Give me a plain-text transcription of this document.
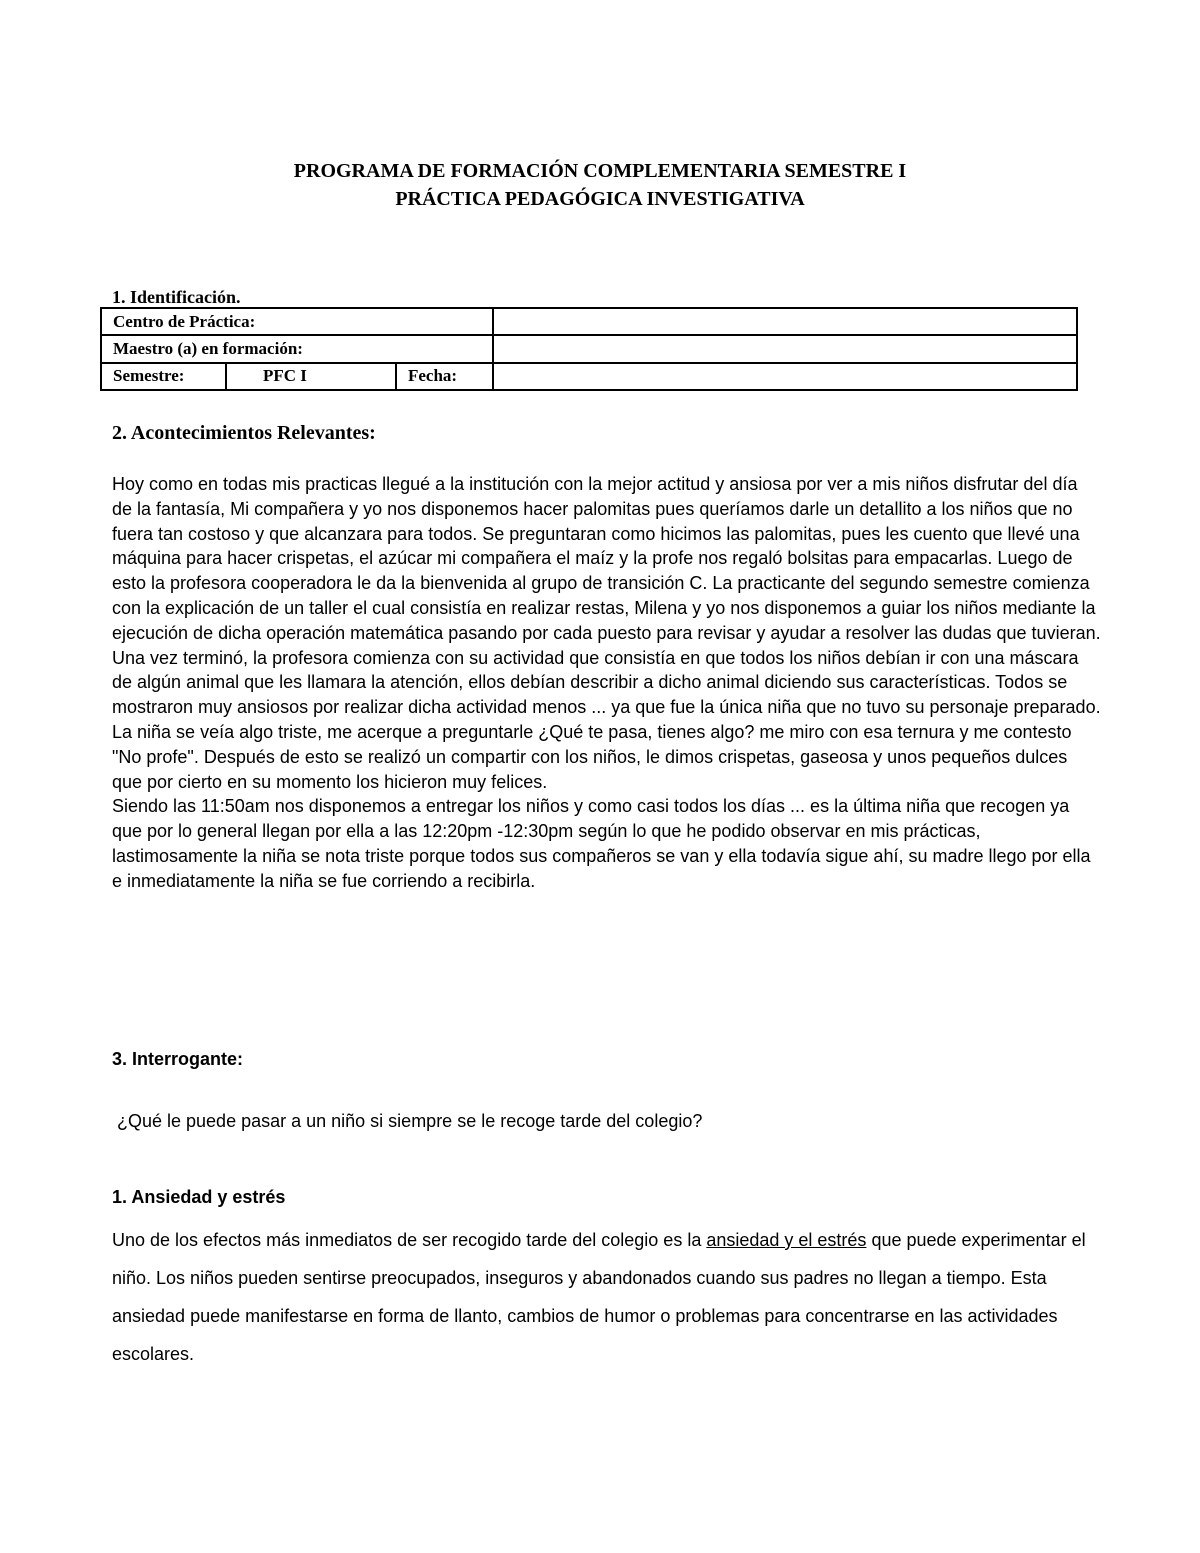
PROGRAMA DE FORMACIÓN COMPLEMENTARIA SEMESTRE I
PRÁCTICA PEDAGÓGICA INVESTIGATIVA
1. Identificación.
Centro de Práctica:			
Maestro (a) en formación:			
Semestre:	PFC I	Fecha:	
2. Acontecimientos Relevantes:

Hoy como en todas mis practicas llegué a la institución con la mejor actitud y ansiosa por ver a mis niños disfrutar del día de la fantasía, Mi compañera y yo nos disponemos hacer palomitas pues queríamos darle un detallito a los niños que no fuera tan costoso y que alcanzara para todos. Se preguntaran como hicimos las palomitas, pues les cuento que llevé una máquina para hacer crispetas, el azúcar mi compañera el maíz y la profe nos regaló bolsitas para empacarlas. Luego de esto la profesora cooperadora le da la bienvenida al grupo de transición C. La practicante del segundo semestre comienza con la explicación de un taller el cual consistía en realizar restas, Milena y yo nos disponemos a guiar los niños mediante la ejecución de dicha operación matemática pasando por cada puesto para revisar y ayudar a resolver las dudas que tuvieran.

Una vez terminó, la profesora comienza con su actividad que consistía en que todos los niños debían ir con una máscara de algún animal que les llamara la atención, ellos debían describir a dicho animal diciendo sus características. Todos se mostraron muy ansiosos por realizar dicha actividad menos ... ya que fue la única niña que no tuvo su personaje preparado. La niña se veía algo triste, me acerque a preguntarle ¿Qué te pasa, tienes algo? me miro con esa ternura y me contesto "No profe". Después de esto se realizó un compartir con los niños, le dimos crispetas, gaseosa y unos pequeños dulces que por cierto en su momento los hicieron muy felices.

Siendo las 11:50am nos disponemos a entregar los niños y como casi todos los días ... es la última niña que recogen ya que por lo general llegan por ella a las 12:20pm -12:30pm según lo que he podido observar en mis prácticas, lastimosamente la niña se nota triste porque todos sus compañeros se van y ella todavía sigue ahí, su madre llego por ella e inmediatamente la niña se fue corriendo a recibirla.

3. Interrogante:
¿Qué le puede pasar a un niño si siempre se le recoge tarde del colegio?
1. Ansiedad y estrés

Uno de los efectos más inmediatos de ser recogido tarde del colegio es la ansiedad y el estrés que puede experimentar el niño. Los niños pueden sentirse preocupados, inseguros y abandonados cuando sus padres no llegan a tiempo. Esta ansiedad puede manifestarse en forma de llanto, cambios de humor o problemas para concentrarse en las actividades escolares.
